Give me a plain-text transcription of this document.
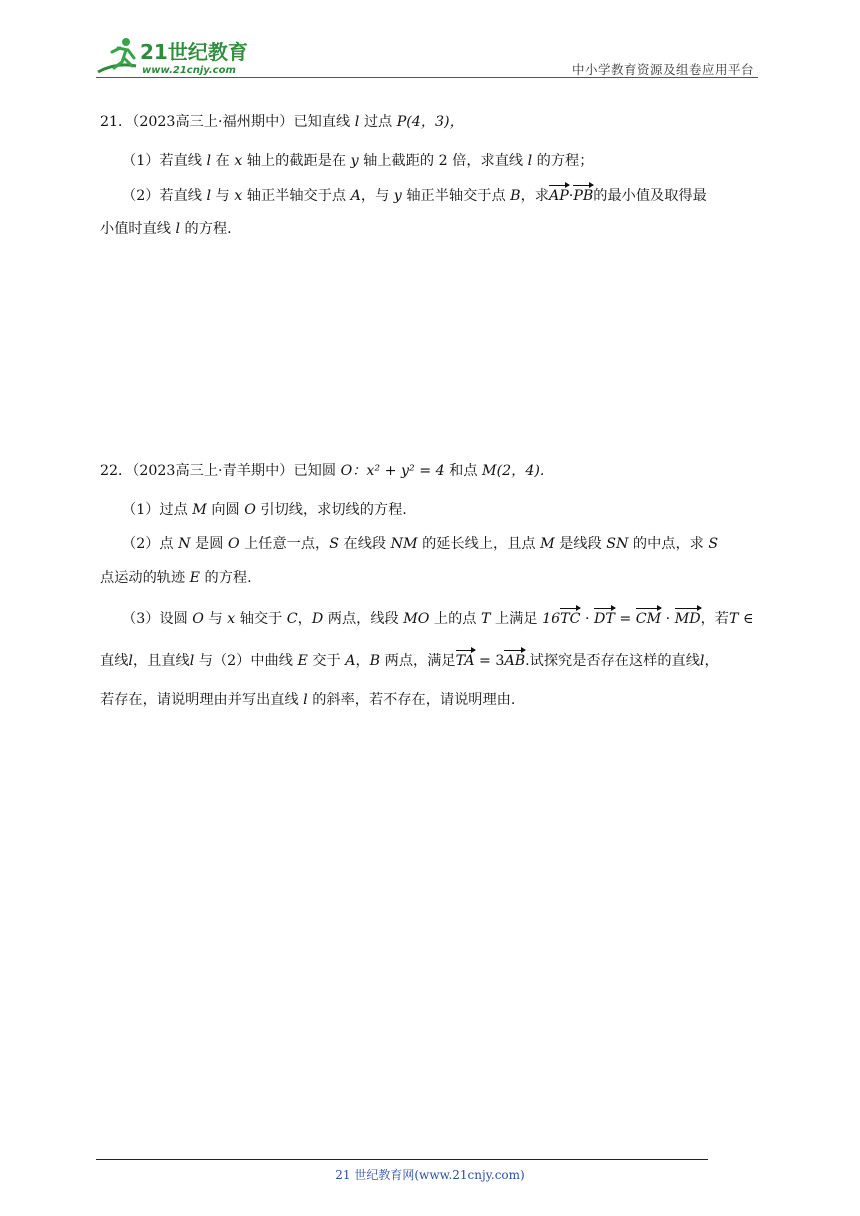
21世纪教育
www.21cnjy.com	中小学教育资源及组卷应用平台
21．（2023高三上·福州期中）已知直线 l 过点 P(4，3)，
（1）若直线 l 在 x 轴上的截距是在 y 轴上截距的 2 倍，求直线 l 的方程；
（2）若直线 l 与 x 轴正半轴交于点 A，与 y 轴正半轴交于点 B，求AP·PB的最小值及取得最
小值时直线 l 的方程.
22．（2023高三上·青羊期中）已知圆 O：x² + y² = 4 和点 M(2，4).
（1）过点 M 向圆 O 引切线，求切线的方程.
（2）点 N 是圆 O 上任意一点，S 在线段 NM 的延长线上，且点 M 是线段 SN 的中点，求 S
点运动的轨迹 E 的方程.
（3）设圆 O 与 x 轴交于 C，D 两点，线段 MO 上的点 T 上满足 16TC · DT = CM · MD，若T ∈
直线l，且直线l 与（2）中曲线 E 交于 A，B 两点，满足TA = 3AB.试探究是否存在这样的直线l，
若存在，请说明理由并写出直线 l 的斜率，若不存在，请说明理由.
21 世纪教育网(www.21cnjy.com)
